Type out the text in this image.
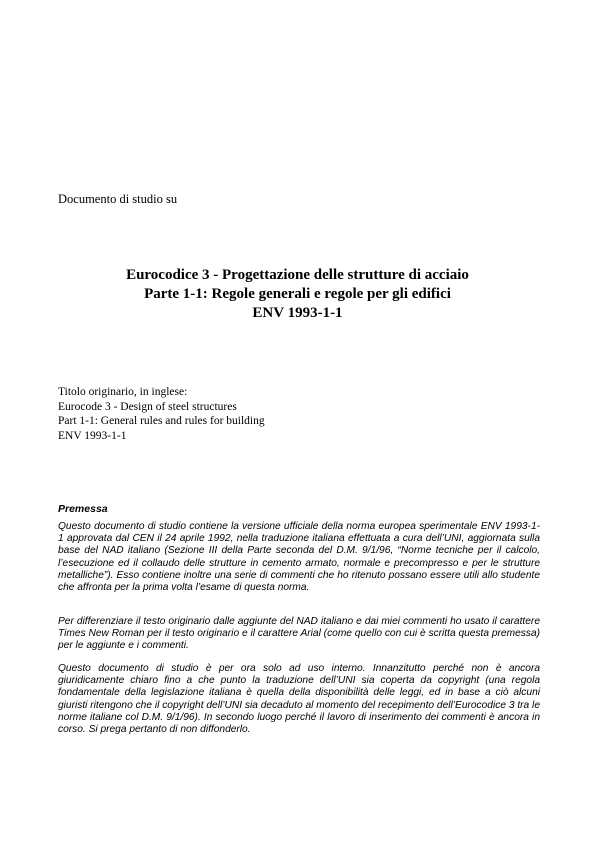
Documento di studio su
Eurocodice 3 - Progettazione delle strutture di acciaio
Parte 1-1: Regole generali e regole per gli edifici
ENV 1993-1-1
Titolo originario, in inglese:
Eurocode 3 - Design of steel structures
Part 1-1: General rules and rules for building
ENV 1993-1-1
Premessa
Questo documento di studio contiene la versione ufficiale della norma europea sperimentale ENV 1993-1-1 approvata dal CEN il 24 aprile 1992, nella traduzione italiana effettuata a cura dell’UNI, aggiornata sulla base del NAD italiano (Sezione III della Parte seconda del D.M. 9/1/96, “Norme tecniche per il calcolo, l’esecuzione ed il collaudo delle strutture in cemento armato, normale e precompresso e per le strutture metalliche”). Esso contiene inoltre una serie di commenti che ho ritenuto possano essere utili allo studente che affronta per la prima volta l’esame di questa norma.
Per differenziare il testo originario dalle aggiunte del NAD italiano e dai miei commenti ho usato il carattere Times New Roman per il testo originario e il carattere Arial (come quello con cui è scritta questa premessa) per le aggiunte e i commenti.
Questo documento di studio è per ora solo ad uso interno. Innanzitutto perché non è ancora giuridicamente chiaro fino a che punto la traduzione dell’UNI sia coperta da copyright (una regola fondamentale della legislazione italiana è quella della disponibilità delle leggi, ed in base a ciò alcuni giuristi ritengono che il copyright dell’UNI sia decaduto al momento del recepimento dell’Eurocodice 3 tra le norme italiane col D.M. 9/1/96). In secondo luogo perché il lavoro di inserimento dei commenti è ancora in corso. Si prega pertanto di non diffonderlo.
